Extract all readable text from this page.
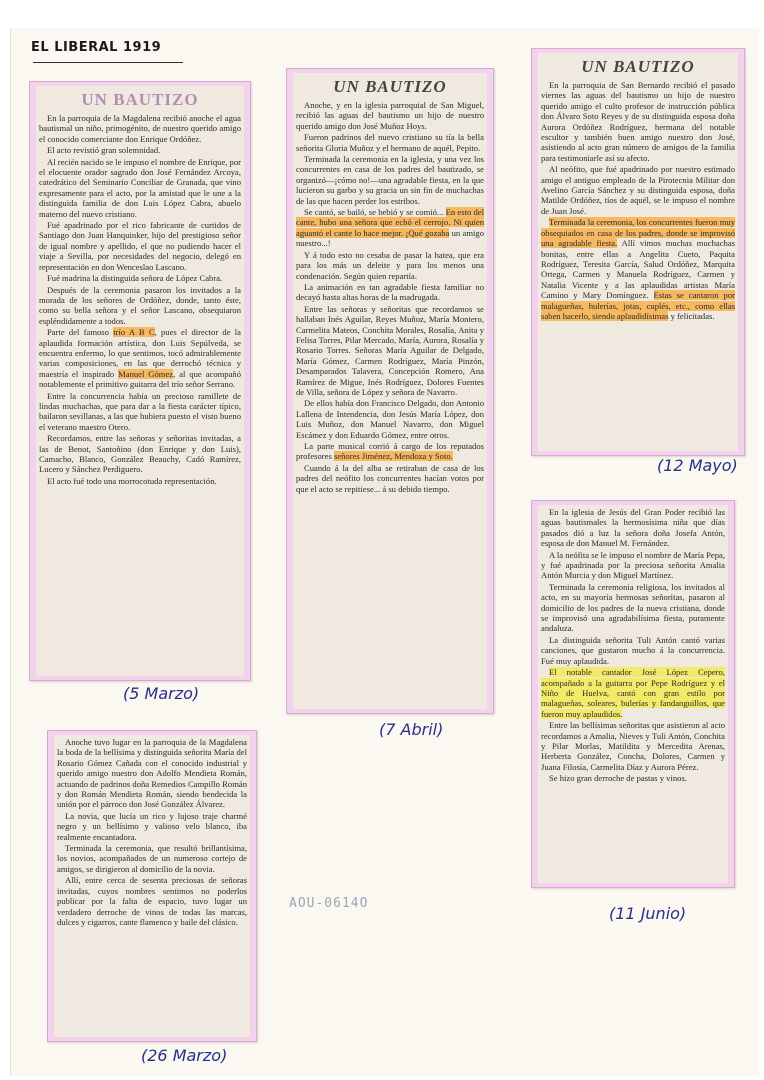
EL LIBERAL 1919
UN BAUTIZO

En la parroquia de la Magdalena recibió anoche el agua bautismal un niño, primogénito, de nuestro querido amigo el conocido comerciante don Enrique Ordóñez.

El acto revistió gran solemnidad.

Al recién nacido se le impuso el nombre de Enrique, por el elocuente orador sagrado don José Fernández Arcoya, catedrático del Seminario Conciliar de Granada, que vino expresamente para el acto, por la amistad que le une a la distinguida familia de don Luis López Cabra, abuelo materno del nuevo cristiano.

Fué apadrinado por el rico fabricante de curtidos de Santiago don Juan Hanquinker, hijo del prestigioso señor de igual nombre y apellido, el que no pudiendo hacer el viaje a Sevilla, por necesidades del negocio, delegó en representación en don Wenceslao Lascano.

Fué madrina la distinguida señora de López Cabra.

Después de la ceremonia pasaron los invitados a la morada de los señores de Ordóñez, donde, tanto éste, como su bella señora y el señor Lascano, obsequiaron espléndidamente a todos.

Parte del famoso trío A B C, pues el director de la aplaudida formación artística, don Luis Sepúlveda, se encuentra enfermo, lo que sentimos, tocó admirablemente varias composiciones, en las que derrochó técnica y maestría el inspirado Manuel Gómez, al que acompañó notablemente el primitivo guitarra del trío señor Serrano.

Entre la concurrencia había un precioso ramillete de lindas muchachas, que para dar a la fiesta carácter típico, bailaron sevillanas, a las que hubiera puesto el visto bueno el veterano maestro Otero.

Recordamos, entre las señoras y señoritas invitadas, a las de Benot, Santoñino (don Enrique y don Luis), Camacho, Blanco, González Beauchy, Cadó Ramírez, Lucero y Sánchez Perdiguero.

El acto fué todo una morrocotuda representación.

(5 Marzo)
UN BAUTIZO

Anoche, y en la iglesia parroquial de San Miguel, recibió las aguas del bautismo un hijo de nuestro querido amigo don José Muñoz Hoys.

Fueron padrinos del nuevo cristiano su tía la bella señorita Gloria Muñoz y el hermano de aquél, Pepito.

Terminada la ceremonia en la iglesia, y una vez los concurrentes en casa de los padres del bautizado, se organizó—¡cómo no!—una agradable fiesta, en la que lucieron su garbo y su gracia un sin fin de muchachas de las que hacen perder los estribos.

Se cantó, se bailó, se bebió y se comió... En esto del cante, hubo una señora que echó el cerrojo. Ni quien aguantó el cante lo hace mejor. ¡Qué gozaba un amigo nuestro...!

Y á todo esto no cesaba de pasar la hatea, que era para los más un deleite y para los menos una condenación. Según quien repartía.

La animación en tan agradable fiesta familiar no decayó hasta altas horas de la madrugada.

Entre las señoras y señoritas que recordamos se hallaban Inés Aguilar, Reyes Muñoz, María Montero, Carmelita Mateos, Conchita Morales, Rosalía, Anita y Felisa Torres, Pilar Mercado, María, Aurora, Rosalía y Rosario Torres. Señoras María Aguilar de Delgado, María Gómez, Carmen Rodríguez, María Pinzón, Desamparados Talavera, Concepción Romero, Ana Ramírez de Migue, Inés Rodríguez, Dolores Fuentes de Villa, señora de López y señora de Navarro.

De ellos había don Francisco Delgado, don Antonio Lallena de Intendencia, don Jesús María López, don Luis Muñoz, don Manuel Navarro, don Miguel Escámez y don Eduardo Gómez, entre otros.

La parte musical corrió á cargo de los reputados profesores señores Jiménez, Mendoza y Soto.

Cuando á la del alba se retiraban de casa de los padres del neófito los concurrentes hacían votos por que el acto se repitiese... á su debido tiempo.

(7 Abril)
UN BAUTIZO

En la parroquia de San Bernardo recibió el pasado viernes las aguas del bautismo un hijo de nuestro querido amigo el culto profesor de instrucción pública don Álvaro Soto Reyes y de su distinguida esposa doña Aurora Ordóñez Rodríguez, hermana del notable escultor y también buen amigo nuestro don José, asistiendo al acto gran número de amigos de la familia para testimoniarle así su afecto.

Al neófito, que fué apadrinado por nuestro estimado amigo el antiguo empleado de la Pirotecnia Militar don Avelino García Sánchez y su distinguida esposa, doña Matilde Ordóñez, tíos de aquél, se le impuso el nombre de Juan José.

Terminada la ceremonia, los concurrentes fueron muy obsequiados en casa de los padres, donde se improvisó una agradable fiesta. Allí vimos muchas muchachas bonitas, entre ellas a Angelita Cueto, Paquita Rodríguez, Teresita García, Salud Ordóñez, Marquita Ortega, Carmen y Manuela Rodríguez, Carmen y Natalia Vicente y a las aplaudidas artistas María Camino y Mary Domínguez. Estas se cantaron por malagueñas, hulerías, jotas, cuplés, etc., como ellas saben hacerlo, siendo aplaudidísimas y felicitadas.

(12 Mayo)

En la iglesia de Jesús del Gran Poder recibió las aguas bautismales la hermosísima niña que días pasados dió a luz la señora doña Josefa Antón, esposa de don Manuel M. Fernández.

A la neófita se le impuso el nombre de María Pepa, y fué apadrinada por la preciosa señorita Amalia Antón Murcia y don Miguel Martínez.

Terminada la ceremonia religiosa, los invitados al acto, en su mayoría hermosas señoritas, pasaron al domicilio de los padres de la nueva cristiana, donde se improvisó una agradabilísima fiesta, puramente andaluza.

La distinguida señorita Tuli Antón cantó varias canciones, que gustaron mucho á la concurrencia. Fué muy aplaudida.

El notable cantador José López Cepero, acompañado a la guitarra por Pepe Rodríguez y el Niño de Huelva, cantó con gran estilo por malagueñas, soleares, bulerías y fandanguillos, que fueron muy aplaudidos.

Entre las bellísimas señoritas que asistieron al acto recordamos a Amalia, Nieves y Tuli Antón, Conchita y Pilar Morlas, Matildita y Mercedita Arenas, Herberta González, Concha, Dolores, Carmen y Juana Filosía, Carmelita Díaz y Aurora Pérez.

Se hizo gran derroche de pastas y vinos.

(11 Junio)

Anoche tuvo lugar en la parroquia de la Magdalena la boda de la bellísima y distinguida señorita María del Rosario Gómez Cañada con el conocido industrial y querido amigo nuestro don Adolfo Mendieta Román, actuando de padrinos doña Remedios Campillo Román y don Román Mendieta Román, siendo bendecida la unión por el párroco don José González Álvarez.

La novia, que lucía un rico y lujoso traje charmé negro y un bellísimo y valioso velo blanco, iba realmente encantadora.

Terminada la ceremonia, que resultó brillantísima, los novios, acompañados de un numeroso cortejo de amigos, se dirigieron al domicilio de la novia.

Allí, entre cerca de sesenta preciosas de señoras invitadas, cuyos nombres sentimos no poderlos publicar por la falta de espacio, tuvo lugar un verdadero derroche de vinos de todas las marcas, dulces y cigarros, cante flamenco y baile del clásico.

(26 Marzo)
AOU-0614O
